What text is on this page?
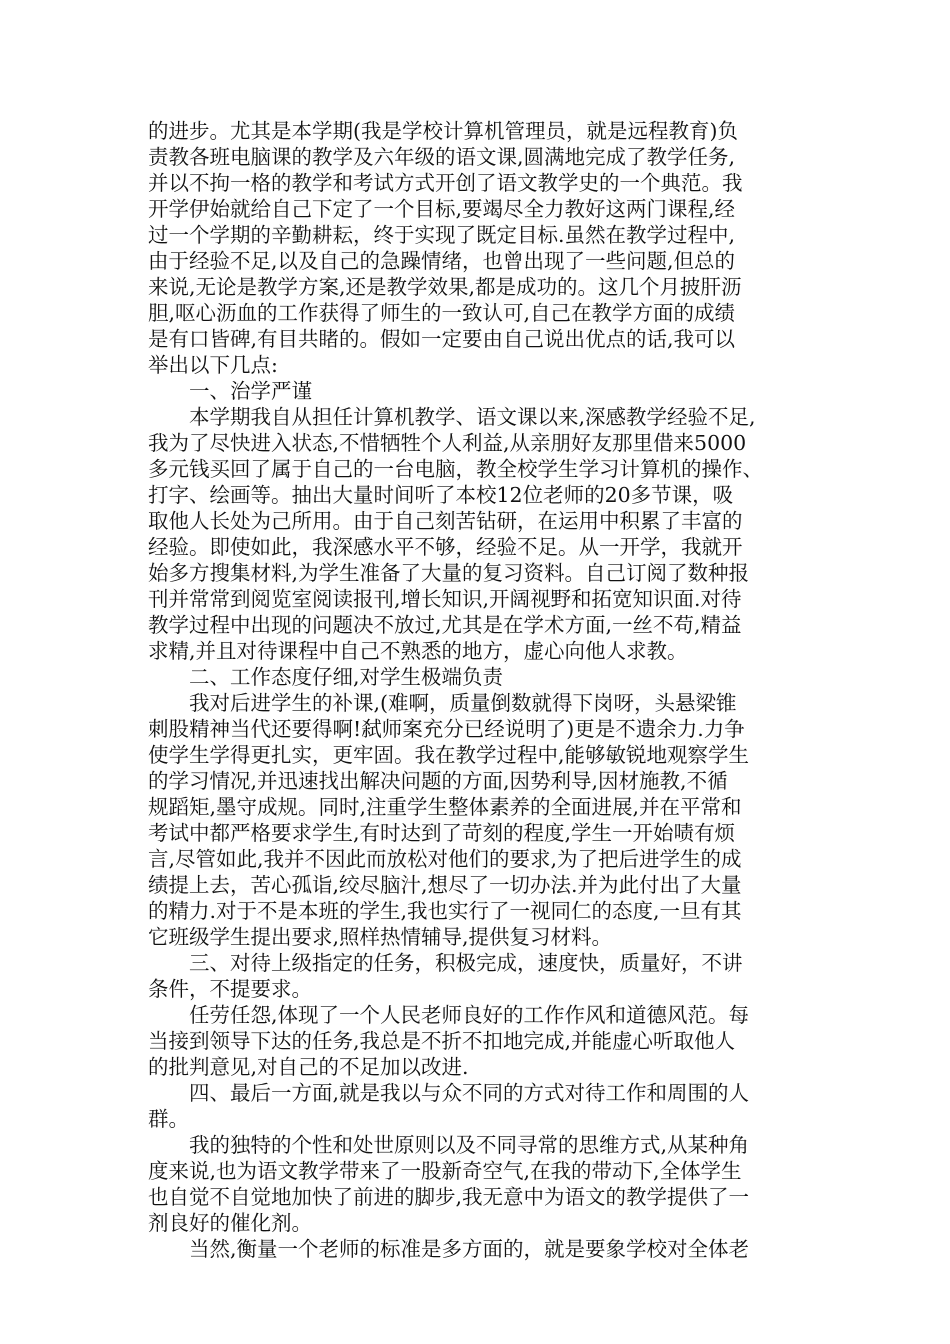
的进步。尤其是本学期(我是学校计算机管理员，就是远程教育)负
责教各班电脑课的教学及六年级的语文课,圆满地完成了教学任务,
并以不拘一格的教学和考试方式开创了语文教学史的一个典范。我
开学伊始就给自己下定了一个目标,要竭尽全力教好这两门课程,经
过一个学期的辛勤耕耘，终于实现了既定目标.虽然在教学过程中,
由于经验不足,以及自己的急躁情绪，也曾出现了一些问题,但总的
来说,无论是教学方案,还是教学效果,都是成功的。这几个月披肝沥
胆,呕心沥血的工作获得了师生的一致认可,自己在教学方面的成绩
是有口皆碑,有目共睹的。假如一定要由自己说出优点的话,我可以
举出以下几点:
　　一、治学严谨
　　本学期我自从担任计算机教学、语文课以来,深感教学经验不足,
我为了尽快进入状态,不惜牺牲个人利益,从亲朋好友那里借来5000
多元钱买回了属于自己的一台电脑，教全校学生学习计算机的操作、
打字、绘画等。抽出大量时间听了本校12位老师的20多节课，吸
取他人长处为己所用。由于自己刻苦钻研，在运用中积累了丰富的
经验。即使如此，我深感水平不够，经验不足。从一开学，我就开
始多方搜集材料,为学生准备了大量的复习资料。自己订阅了数种报
刊并常常到阅览室阅读报刊,增长知识,开阔视野和拓宽知识面.对待
教学过程中出现的问题决不放过,尤其是在学术方面,一丝不苟,精益
求精,并且对待课程中自己不熟悉的地方，虚心向他人求教。
　　二、工作态度仔细,对学生极端负责
　　我对后进学生的补课,(难啊，质量倒数就得下岗呀，头悬梁锥
刺股精神当代还要得啊!弑师案充分已经说明了)更是不遗余力.力争
使学生学得更扎实，更牢固。我在教学过程中,能够敏锐地观察学生
的学习情况,并迅速找出解决问题的方面,因势利导,因材施教,不循
规蹈矩,墨守成规。同时,注重学生整体素养的全面进展,并在平常和
考试中都严格要求学生,有时达到了苛刻的程度,学生一开始啧有烦
言,尽管如此,我并不因此而放松对他们的要求,为了把后进学生的成
绩提上去，苦心孤诣,绞尽脑汁,想尽了一切办法.并为此付出了大量
的精力.对于不是本班的学生,我也实行了一视同仁的态度,一旦有其
它班级学生提出要求,照样热情辅导,提供复习材料。
　　三、对待上级指定的任务，积极完成，速度快，质量好，不讲
条件，不提要求。
　　任劳任怨,体现了一个人民老师良好的工作作风和道德风范。每
当接到领导下达的任务,我总是不折不扣地完成,并能虚心听取他人
的批判意见,对自己的不足加以改进.
　　四、最后一方面,就是我以与众不同的方式对待工作和周围的人
群。
　　我的独特的个性和处世原则以及不同寻常的思维方式,从某种角
度来说,也为语文教学带来了一股新奇空气,在我的带动下,全体学生
也自觉不自觉地加快了前进的脚步,我无意中为语文的教学提供了一
剂良好的催化剂。
　　当然,衡量一个老师的标准是多方面的，就是要象学校对全体老
